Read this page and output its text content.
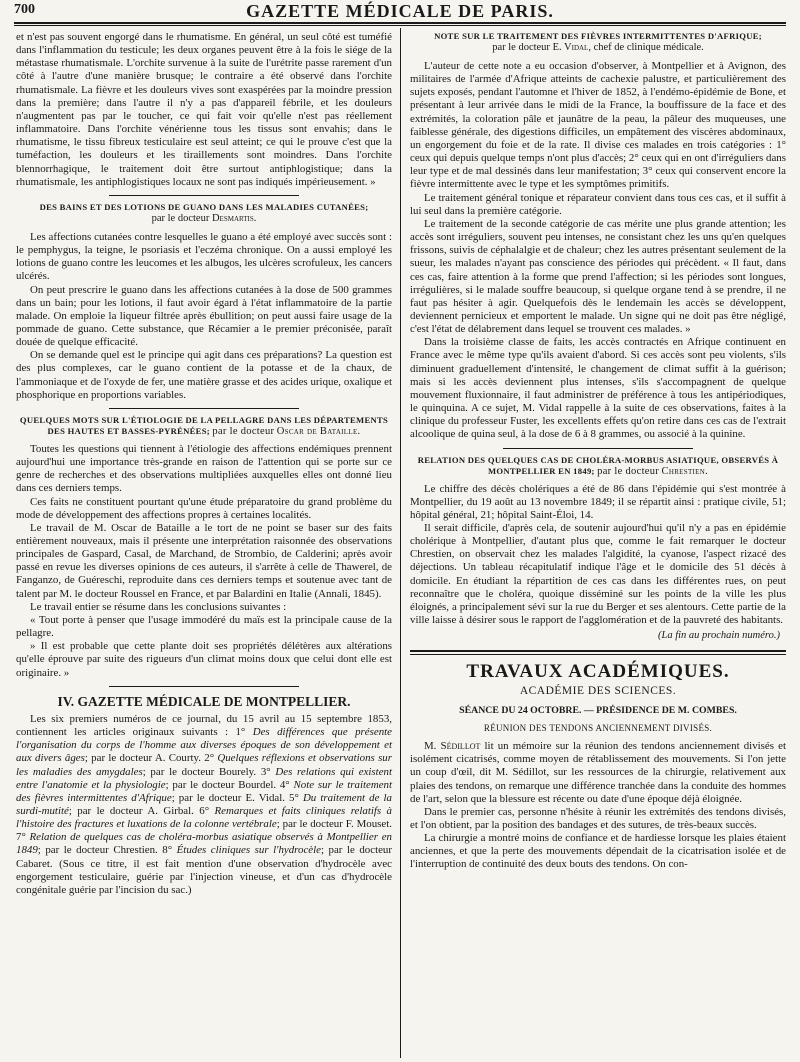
700	GAZETTE MÉDICALE DE PARIS.

et n'est pas souvent engorgé dans le rhumatisme. En général, un seul côté est tuméfié dans l'inflammation du testicule; les deux organes peuvent être à la fois le siége de la métastase rhumatismale. L'orchite survenue à la suite de l'urétrite passe rarement d'un côté à l'autre d'une manière brusque; le contraire a été observé dans l'orchite rhumatismale. La fièvre et les douleurs vives sont exaspérées par la moindre pression dans la première; dans l'autre il n'y a pas d'appareil fébrile, et les douleurs n'augmentent pas par le toucher, ce qui fait voir qu'elle n'est pas réellement inflammatoire. Dans l'orchite vénérienne tous les tissus sont envahis; dans le rhumatisme, le tissu fibreux testiculaire est seul atteint; ce qui le prouve c'est que la tuméfaction, les douleurs et les tiraillements sont moindres. Dans l'orchite blennorrhagique, le traitement doit être surtout antiphlogistique; dans la rhumatismale, les antiphlogistiques locaux ne sont pas indiqués impérieusement. »

DES BAINS ET DES LOTIONS DE GUANO DANS LES MALADIES CUTANÉES;
par le docteur Desmartis.

Les affections cutanées contre lesquelles le guano a été employé avec succès sont : le pemphygus, la teigne, le psoriasis et l'eczéma chronique. On a aussi employé les lotions de guano contre les leucomes et les albugos, les ulcères scrofuleux, les cancers ulcérés.

On peut prescrire le guano dans les affections cutanées à la dose de 500 grammes dans un bain; pour les lotions, il faut avoir égard à l'état inflammatoire de la partie malade. On emploie la liqueur filtrée après ébullition; on peut aussi faire usage de la pommade de guano. Cette substance, que Récamier a le premier préconisée, paraît douée de quelque efficacité.

On se demande quel est le principe qui agit dans ces préparations? La question est des plus complexes, car le guano contient de la potasse et de la chaux, de l'ammoniaque et de l'oxyde de fer, une matière grasse et des acides urique, oxalique et phosphorique en proportions variables.

QUELQUES MOTS SUR L'ÉTIOLOGIE DE LA PELLAGRE DANS LES DÉPARTEMENTS DES HAUTES ET BASSES-PYRÉNÉES; par le docteur Oscar de Bataille.

Toutes les questions qui tiennent à l'étiologie des affections endémiques prennent aujourd'hui une importance très-grande en raison de l'attention qui se porte sur ce genre de recherches et des observations multipliées auxquelles elles ont donné lieu dans ces derniers temps.

Ces faits ne constituent pourtant qu'une étude préparatoire du grand problème du mode de développement des affections propres à certaines localités.

Le travail de M. Oscar de Bataille a le tort de ne point se baser sur des faits entièrement nouveaux, mais il présente une interprétation raisonnée des observations principales de Gaspard, Casal, de Marchand, de Strombio, de Calderini; après avoir passé en revue les diverses opinions de ces auteurs, il s'arrête à celle de Thawerel, de Fanganzo, de Guéreschi, reproduite dans ces derniers temps et soutenue avec tant de talent par M. le docteur Roussel en France, et par Balardini en Italie (Annali, 1845).

Le travail entier se résume dans les conclusions suivantes :

« Tout porte à penser que l'usage immodéré du maïs est la principale cause de la pellagre.

» Il est probable que cette plante doit ses propriétés délétères aux altérations qu'elle éprouve par suite des rigueurs d'un climat moins doux que celui dont elle est originaire. »

IV. GAZETTE MÉDICALE DE MONTPELLIER.

Les six premiers numéros de ce journal, du 15 avril au 15 septembre 1853, contiennent les articles originaux suivants : 1° Des différences que présente l'organisation du corps de l'homme aux diverses époques de son développement et aux divers âges; par le docteur A. Courty. 2° Quelques réflexions et observations sur les maladies des amygdales; par le docteur Bourely. 3° Des relations qui existent entre l'anatomie et la physiologie; par le docteur Bourdel. 4° Note sur le traitement des fièvres intermittentes d'Afrique; par le docteur E. Vidal. 5° Du traitement de la surdi-mutité; par le docteur A. Girbal. 6° Remarques et faits cliniques relatifs à l'histoire des fractures et luxations de la colonne vertébrale; par le docteur F. Mouset. 7° Relation de quelques cas de choléra-morbus asiatique observés à Montpellier en 1849; par le docteur Chrestien. 8° Études cliniques sur l'hydrocèle; par le docteur Cabaret. (Sous ce titre, il est fait mention d'une observation d'hydrocèle avec engorgement testiculaire, guérie par l'injection vineuse, et d'un cas d'hydrocèle congénitale guérie par l'incision du sac.)

NOTE SUR LE TRAITEMENT DES FIÈVRES INTERMITTENTES D'AFRIQUE;
par le docteur E. Vidal, chef de clinique médicale.

L'auteur de cette note a eu occasion d'observer, à Montpellier et à Avignon, des militaires de l'armée d'Afrique atteints de cachexie palustre, et particulièrement des sujets exposés, pendant l'automne et l'hiver de 1852, à l'endémo-épidémie de Bone, et présentant à leur arrivée dans le midi de la France, la bouffissure de la face et des extrémités, la coloration pâle et jaunâtre de la peau, la pâleur des muqueuses, une faiblesse générale, des digestions difficiles, un empâtement des viscères abdominaux, un engorgement du foie et de la rate. Il divise ces malades en trois catégories : 1° ceux qui depuis quelque temps n'ont plus d'accès; 2° ceux qui en ont d'irréguliers dans leur type et de mal dessinés dans leur manifestation; 3° ceux qui conservent encore la fièvre intermittente avec le type et les symptômes primitifs.

Le traitement général tonique et réparateur convient dans tous ces cas, et il suffit à lui seul dans la première catégorie.

Le traitement de la seconde catégorie de cas mérite une plus grande attention; les accès sont irréguliers, souvent peu intenses, ne consistant chez les uns qu'en quelques frissons, suivis de céphalalgie et de chaleur; chez les autres présentant seulement de la sueur, les malades n'ayant pas conscience des périodes qui précèdent. « Il faut, dans ces cas, faire attention à la forme que prend l'affection; si les périodes sont longues, irrégulières, si le malade souffre beaucoup, si quelque organe tend à se prendre, il ne faut pas hésiter à agir. Quelquefois dès le lendemain les accès se développent, deviennent pernicieux et emportent le malade. Un signe qui ne doit pas être négligé, c'est l'état de délabrement dans lequel se trouvent ces malades. »

Dans la troisième classe de faits, les accès contractés en Afrique continuent en France avec le même type qu'ils avaient d'abord. Si ces accès sont peu violents, s'ils diminuent graduellement d'intensité, le changement de climat suffit à la guérison; mais si les accès deviennent plus intenses, s'ils s'accompagnent de quelque mouvement fluxionnaire, il faut administrer de préférence à tous les antipériodiques, le quinquina. A ce sujet, M. Vidal rappelle à la suite de ces observations, faites à la clinique du professeur Fuster, les excellents effets qu'on retire dans ces cas de l'extrait alcoolique de quina seul, à la dose de 6 à 8 grammes, ou associé à la quinine.

RELATION DES QUELQUES CAS DE CHOLÉRA-MORBUS ASIATIQUE, OBSERVÉS À MONTPELLIER EN 1849; par le docteur Chrestien.

Le chiffre des décès cholériques a été de 86 dans l'épidémie qui s'est montrée à Montpellier, du 19 août au 13 novembre 1849; il se répartit ainsi : pratique civile, 51; hôpital général, 21; hôpital Saint-Éloi, 14.

Il serait difficile, d'après cela, de soutenir aujourd'hui qu'il n'y a pas en épidémie cholérique à Montpellier, d'autant plus que, comme le fait remarquer le docteur Chrestien, on observait chez les malades l'algidité, la cyanose, l'aspect rizacé des déjections. Un tableau récapitulatif indique l'âge et le domicile des 51 décès à domicile. En étudiant la répartition de ces cas dans les différentes rues, on peut reconnaître que le choléra, quoique disséminé sur les points de la ville les plus éloignés, a principalement sévi sur la rue du Berger et ses alentours. Cette partie de la ville laisse à désirer sous le rapport de l'agglomération et de la pauvreté des habitants.

(La fin au prochain numéro.)
TRAVAUX ACADÉMIQUES.
ACADÉMIE DES SCIENCES.
SÉANCE DU 24 OCTOBRE. — PRÉSIDENCE DE M. COMBES.
RÉUNION DES TENDONS ANCIENNEMENT DIVISÉS.

M. Sédillot lit un mémoire sur la réunion des tendons anciennement divisés et isolément cicatrisés, comme moyen de rétablissement des mouvements. Si l'on jette un coup d'œil, dit M. Sédillot, sur les ressources de la chirurgie, relativement aux plaies des tendons, on remarque une différence tranchée dans la conduite des hommes de l'art, selon que la blessure est récente ou date d'une époque déjà éloignée.

Dans le premier cas, personne n'hésite à réunir les extrémités des tendons divisés, et l'on obtient, par la position des bandages et des sutures, de très-beaux succès.

La chirurgie a montré moins de confiance et de hardiesse lorsque les plaies étaient anciennes, et que la perte des mouvements dépendait de la cicatrisation isolée et de l'interruption de continuité des deux bouts des tendons. On con-
